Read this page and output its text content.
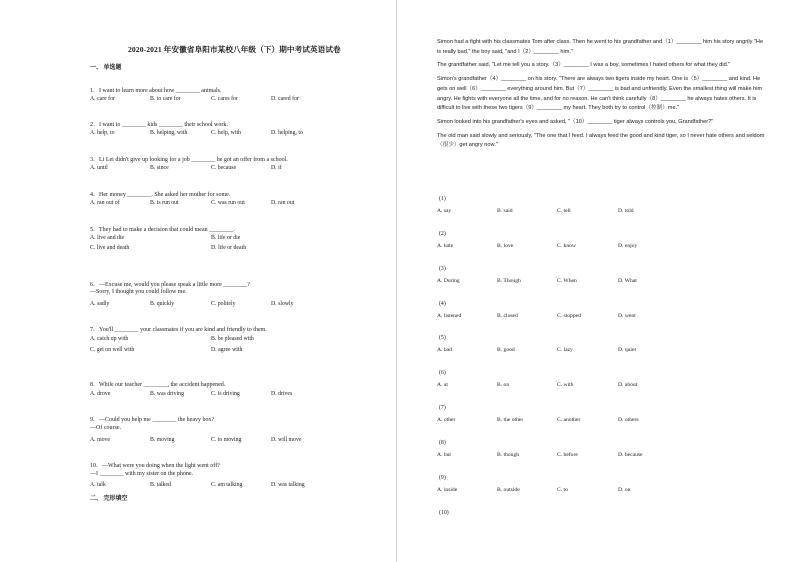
2020-2021 年安徽省阜阳市某校八年级（下）期中考试英语试卷
一、 单选题
1．I want to learn more about how ________ animals.
A. care for	B. to care for	C. cares for	D. cared for
2．I want to ________ kids ________ their school work.
A. help, to	B. helping, with	C. help, with	D. helping, to
3．Li Lei didn't give up looking for a job ________ he got an offer from a school.
A. until	B. since	C. because	D. if
4．Her money ________. She asked her mother for some.
A. ran out of	B. is run out	C. was run out	D. ran out
5．They had to make a decision that could mean ________.
A. live and die	B. life or die
C. live and death	D. life or death
6．—Excuse me, would you please speak a little more ________?
—Sorry, I thought you could follow me.
A. sadly	B. quickly	C. politely	D. slowly
7．You'll ________ your classmates if you are kind and friendly to them.
A. catch up with	B. be pleased with
C. get on well with	D. agree with
8．While our teacher ________, the accident happened.
A. drove	B. was driving	C. is driving	D. drives
9．—Could you help me ________ the heavy box?
—Of course.
A. move	B. moving	C. to moving	D. will move
10．—What were you doing when the light went off?
—I ________ with my sister on the phone.
A. talk	B. talked	C. am talking	D. was talking
二、 完形填空

Simon had a fight with his classmates Tom after class. Then he went to his grandfather and（1）________ him his story angrily "He is really bad," the boy said, "and I（2）________ him."

The grandfather said, "Let me tell you a story.（3）________ I was a boy, sometimes I hated others for what they did."

Simon's grandfather（4）________ on his story. "There are always two tigers inside my heart. One is（5）________ and kind. He gets on well（6）________ everything around him. But（7）________ is bad and unfriendly. Even the smallest thing will make him angry. He fights with everyone all the time, and for no reason. He can't think carefully（8）________ he always hates others. It is difficult to live with these two tigers（9）________ my heart. They both try to control（控制）me."

Simon looked into his grandfather's eyes and asked, "（10）________ tiger always controls you, Grandfather?"

The old man said slowly and seriously, "The one that I feed. I always feed the good and kind tiger, so I never hate others and seldom（很少）get angry now."

(1)
A. say	B. said	C. tell	D. told
(2)
A. hate	B. love	C. know	D. enjoy
(3)
A. During	B. Though	C. When	D. What
(4)
A. listened	B. closed	C. stopped	D. went
(5)
A. bad	B. good	C. lazy	D. quiet
(6)
A. at	B. on	C. with	D. about
(7)
A. other	B. the other	C. another	D. others
(8)
A. but	B. though	C. before	D. because
(9)
A. inside	B. outside	C. to	D. on
(10)
